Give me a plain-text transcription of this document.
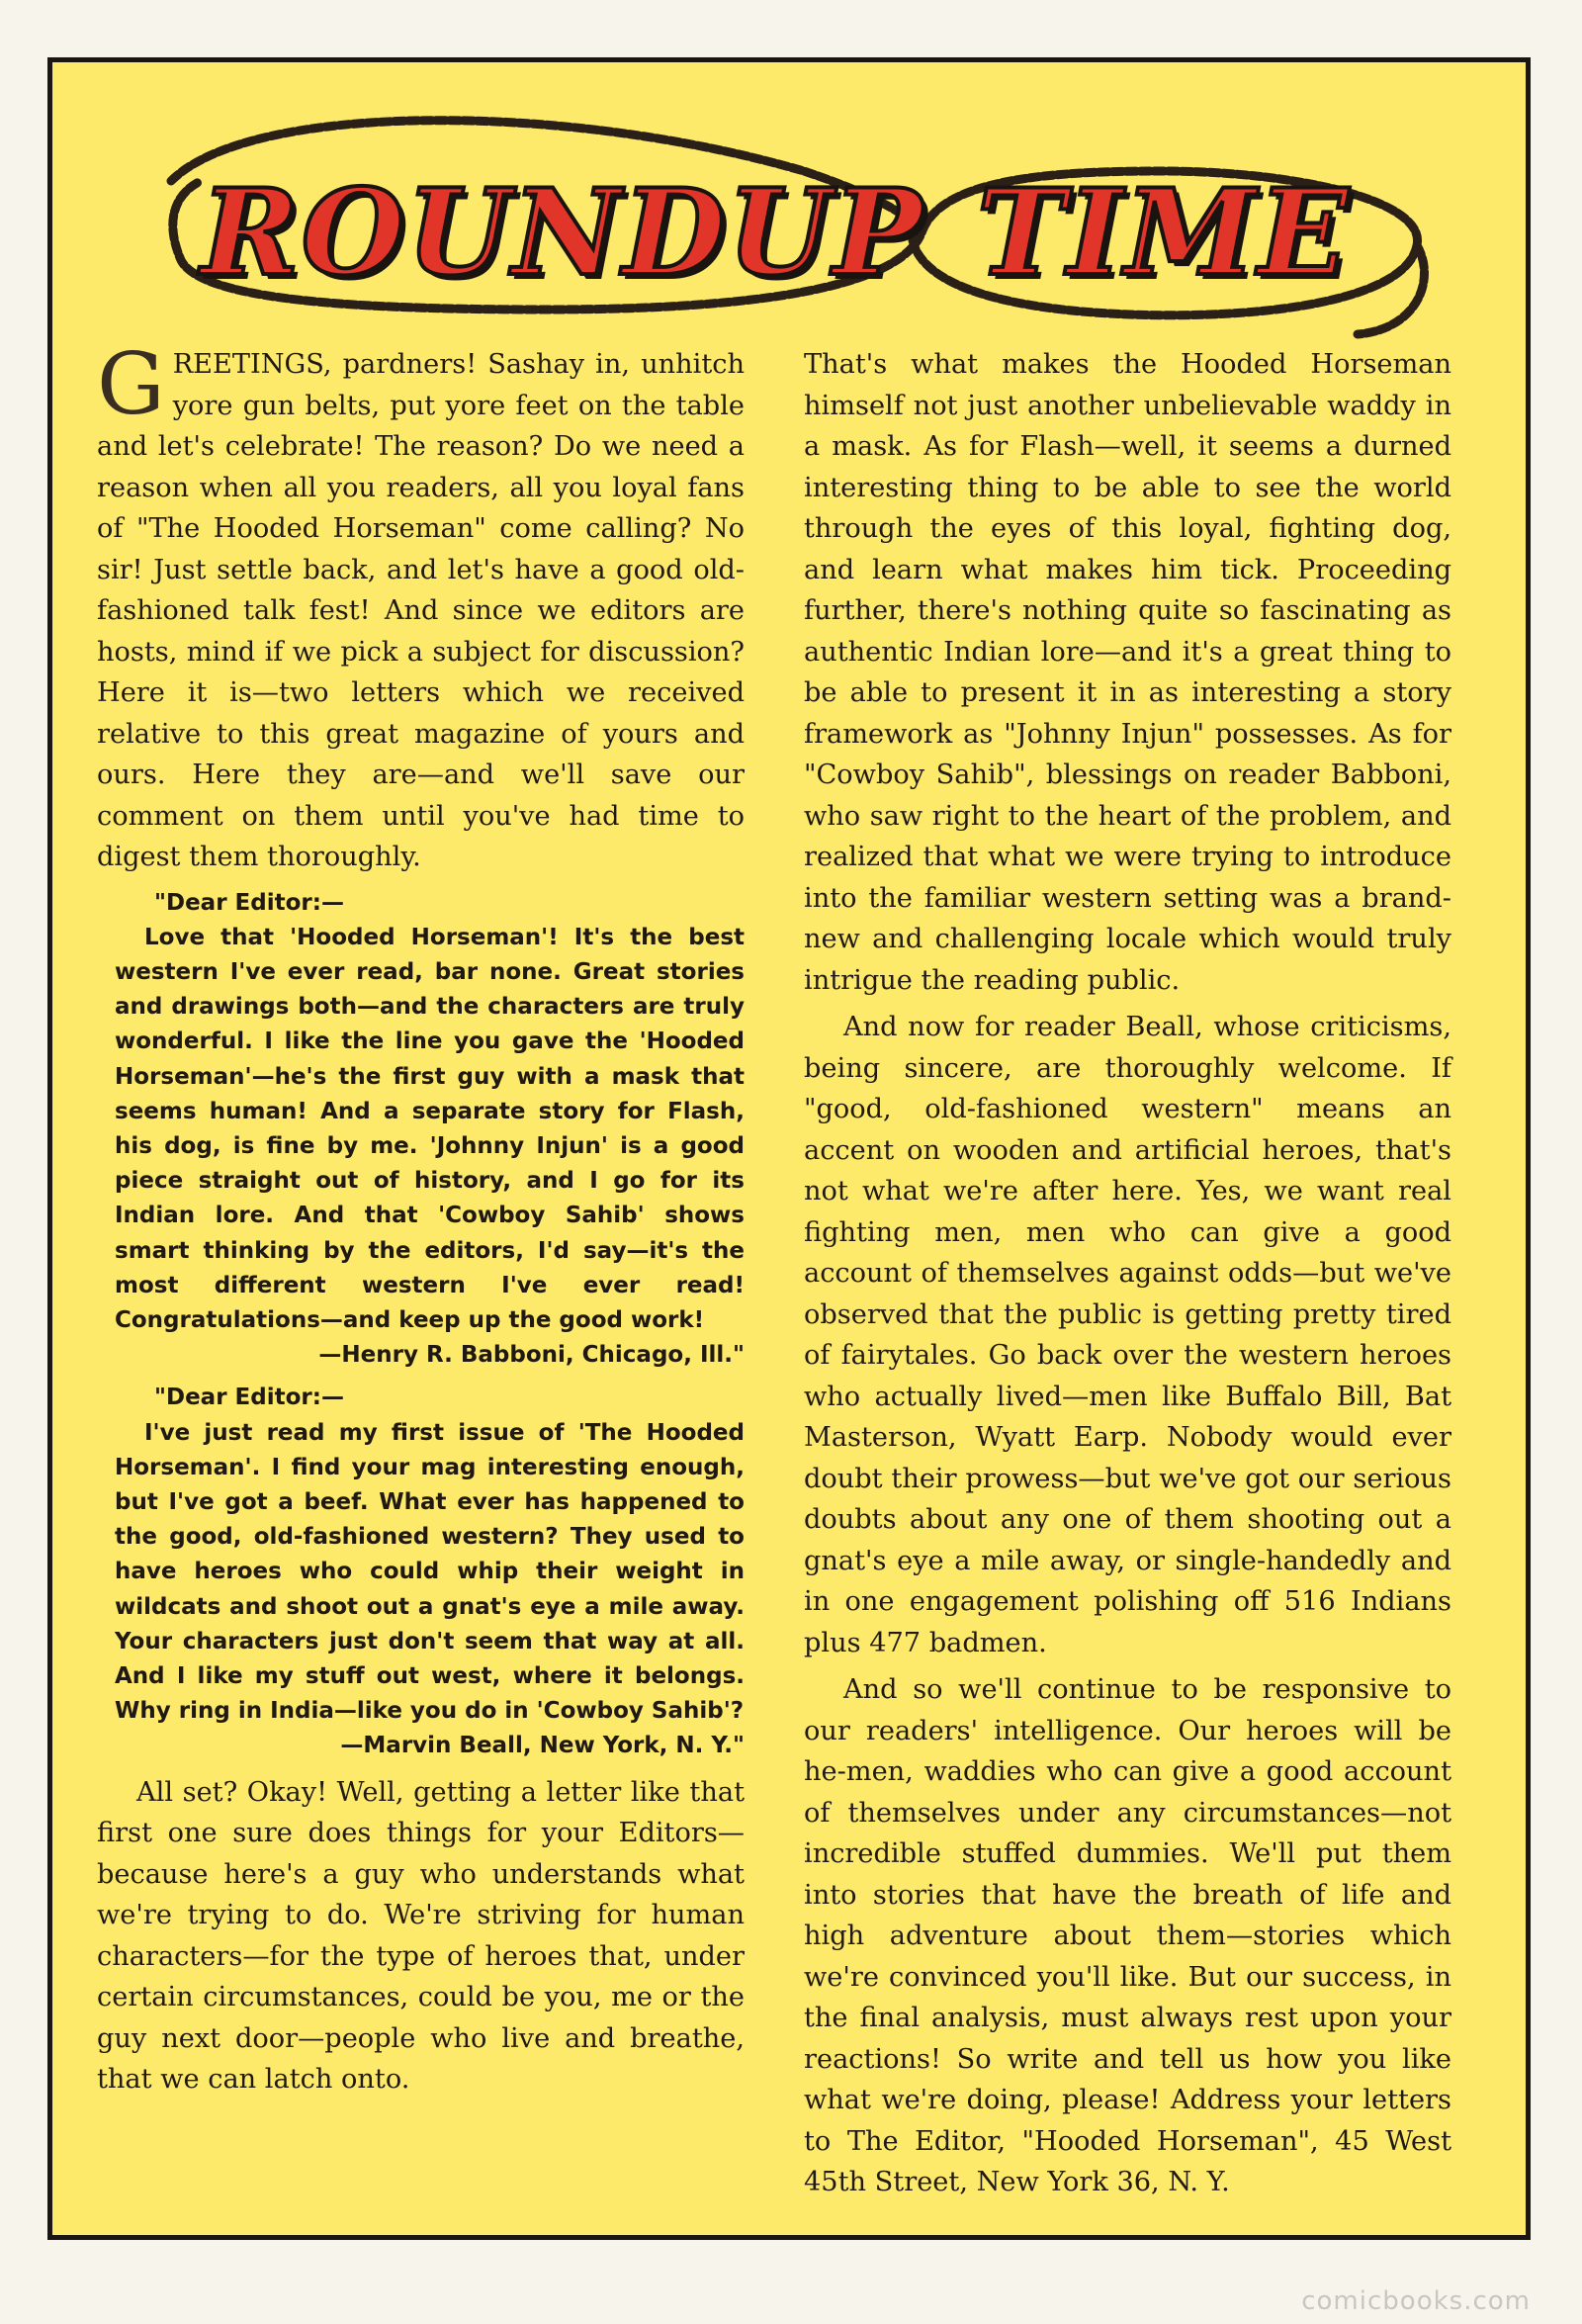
ROUNDUP TIME

GREETINGS, pardners! Sashay in, unhitch yore gun belts, put yore feet on the table and let's celebrate! The reason? Do we need a reason when all you readers, all you loyal fans of "The Hooded Horseman" come calling? No sir! Just settle back, and let's have a good old-fashioned talk fest! And since we editors are hosts, mind if we pick a subject for discussion? Here it is—two letters which we received relative to this great magazine of yours and ours. Here they are—and we'll save our comment on them until you've had time to digest them thoroughly.

"Dear Editor:—

Love that 'Hooded Horseman'! It's the best western I've ever read, bar none. Great stories and drawings both—and the characters are truly wonderful. I like the line you gave the 'Hooded Horseman'—he's the first guy with a mask that seems human! And a separate story for Flash, his dog, is fine by me. 'Johnny Injun' is a good piece straight out of history, and I go for its Indian lore. And that 'Cowboy Sahib' shows smart thinking by the editors, I'd say—it's the most different western I've ever read! Congratulations—and keep up the good work!

—Henry R. Babboni, Chicago, Ill."

"Dear Editor:—

I've just read my first issue of 'The Hooded Horseman'. I find your mag interesting enough, but I've got a beef. What ever has happened to the good, old-fashioned western? They used to have heroes who could whip their weight in wildcats and shoot out a gnat's eye a mile away. Your characters just don't seem that way at all. And I like my stuff out west, where it belongs. Why ring in India—like you do in 'Cowboy Sahib'?

—Marvin Beall, New York, N. Y."

All set? Okay! Well, getting a letter like that first one sure does things for your Editors—because here's a guy who understands what we're trying to do. We're striving for human characters—for the type of heroes that, under certain circumstances, could be you, me or the guy next door—people who live and breathe, that we can latch onto.

That's what makes the Hooded Horseman himself not just another unbelievable waddy in a mask. As for Flash—well, it seems a durned interesting thing to be able to see the world through the eyes of this loyal, fighting dog, and learn what makes him tick. Proceeding further, there's nothing quite so fascinating as authentic Indian lore—and it's a great thing to be able to present it in as interesting a story framework as "Johnny Injun" possesses. As for "Cowboy Sahib", blessings on reader Babboni, who saw right to the heart of the problem, and realized that what we were trying to introduce into the familiar western setting was a brand-new and challenging locale which would truly intrigue the reading public.

And now for reader Beall, whose criticisms, being sincere, are thoroughly welcome. If "good, old-fashioned western" means an accent on wooden and artificial heroes, that's not what we're after here. Yes, we want real fighting men, men who can give a good account of themselves against odds—but we've observed that the public is getting pretty tired of fairytales. Go back over the western heroes who actually lived—men like Buffalo Bill, Bat Masterson, Wyatt Earp. Nobody would ever doubt their prowess—but we've got our serious doubts about any one of them shooting out a gnat's eye a mile away, or single-handedly and in one engagement polishing off 516 Indians plus 477 badmen.

And so we'll continue to be responsive to our readers' intelligence. Our heroes will be he-men, waddies who can give a good account of themselves under any circumstances—not incredible stuffed dummies. We'll put them into stories that have the breath of life and high adventure about them—stories which we're convinced you'll like. But our success, in the final analysis, must always rest upon your reactions! So write and tell us how you like what we're doing, please! Address your letters to The Editor, "Hooded Horseman", 45 West 45th Street, New York 36, N. Y.

comicbooks.com
